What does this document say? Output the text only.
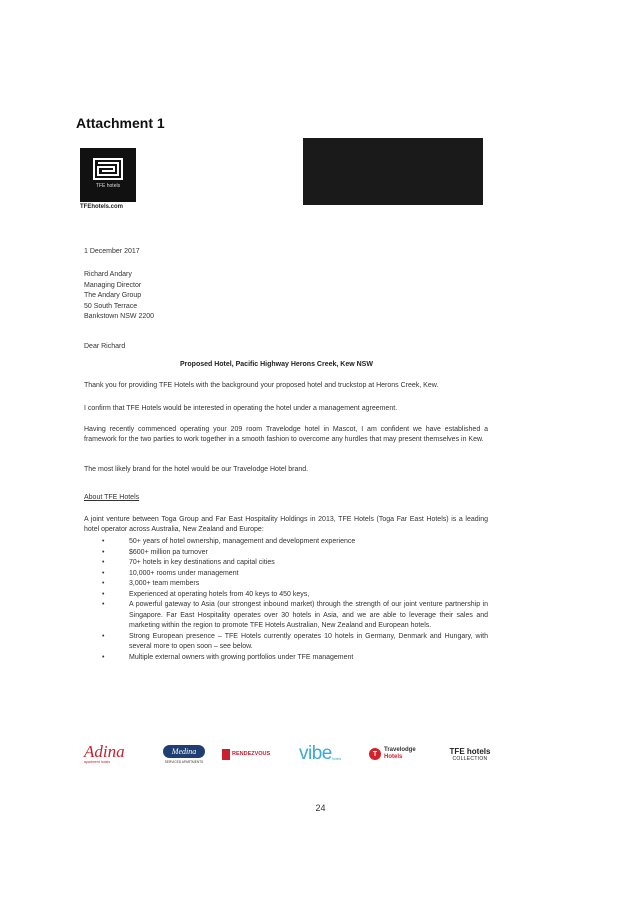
Attachment 1
TFE hotels
TFEhotels.com
1 December 2017
Richard Andary
Managing Director
The Andary Group
50 South Terrace
Bankstown NSW 2200
Dear Richard
Proposed Hotel, Pacific Highway Herons Creek, Kew NSW
Thank you for providing TFE Hotels with the background your proposed hotel and truckstop at Herons Creek, Kew.
I confirm that TFE Hotels would be interested in operating the hotel under a management agreement.
Having recently commenced operating your 209 room Travelodge hotel in Mascot, I am confident we have established a framework for the two parties to work together in a smooth fashion to overcome any hurdles that may present themselves in Kew.
The most likely brand for the hotel would be our Travelodge Hotel brand.
About TFE Hotels
A joint venture between Toga Group and Far East Hospitality Holdings in 2013, TFE Hotels (Toga Far East Hotels) is a leading hotel operator across Australia, New Zealand and Europe:
•	50+ years of hotel ownership, management and development experience
•	$600+ million pa turnover
•	70+ hotels in key destinations and capital cities
•	10,000+ rooms under management
•	3,000+ team members
•	Experienced at operating hotels from 40 keys to 450 keys,
•	A powerful gateway to Asia (our strongest inbound market) through the strength of our joint venture partnership in Singapore. Far East Hospitality operates over 30 hotels in Asia, and we are able to leverage their sales and marketing within the region to promote TFE Hotels Australian, New Zealand and European hotels.
•	Strong European presence – TFE Hotels currently operates 10 hotels in Germany, Denmark and Hungary, with several more to open soon – see below.
•	Multiple external owners with growing portfolios under TFE management
Adina
apartment hotels
Medina
SERVICED APARTMENTS
RENDEZVOUS vibe hotels
T
Travelodge
Hotels
TFE hotels
COLLECTION
24
